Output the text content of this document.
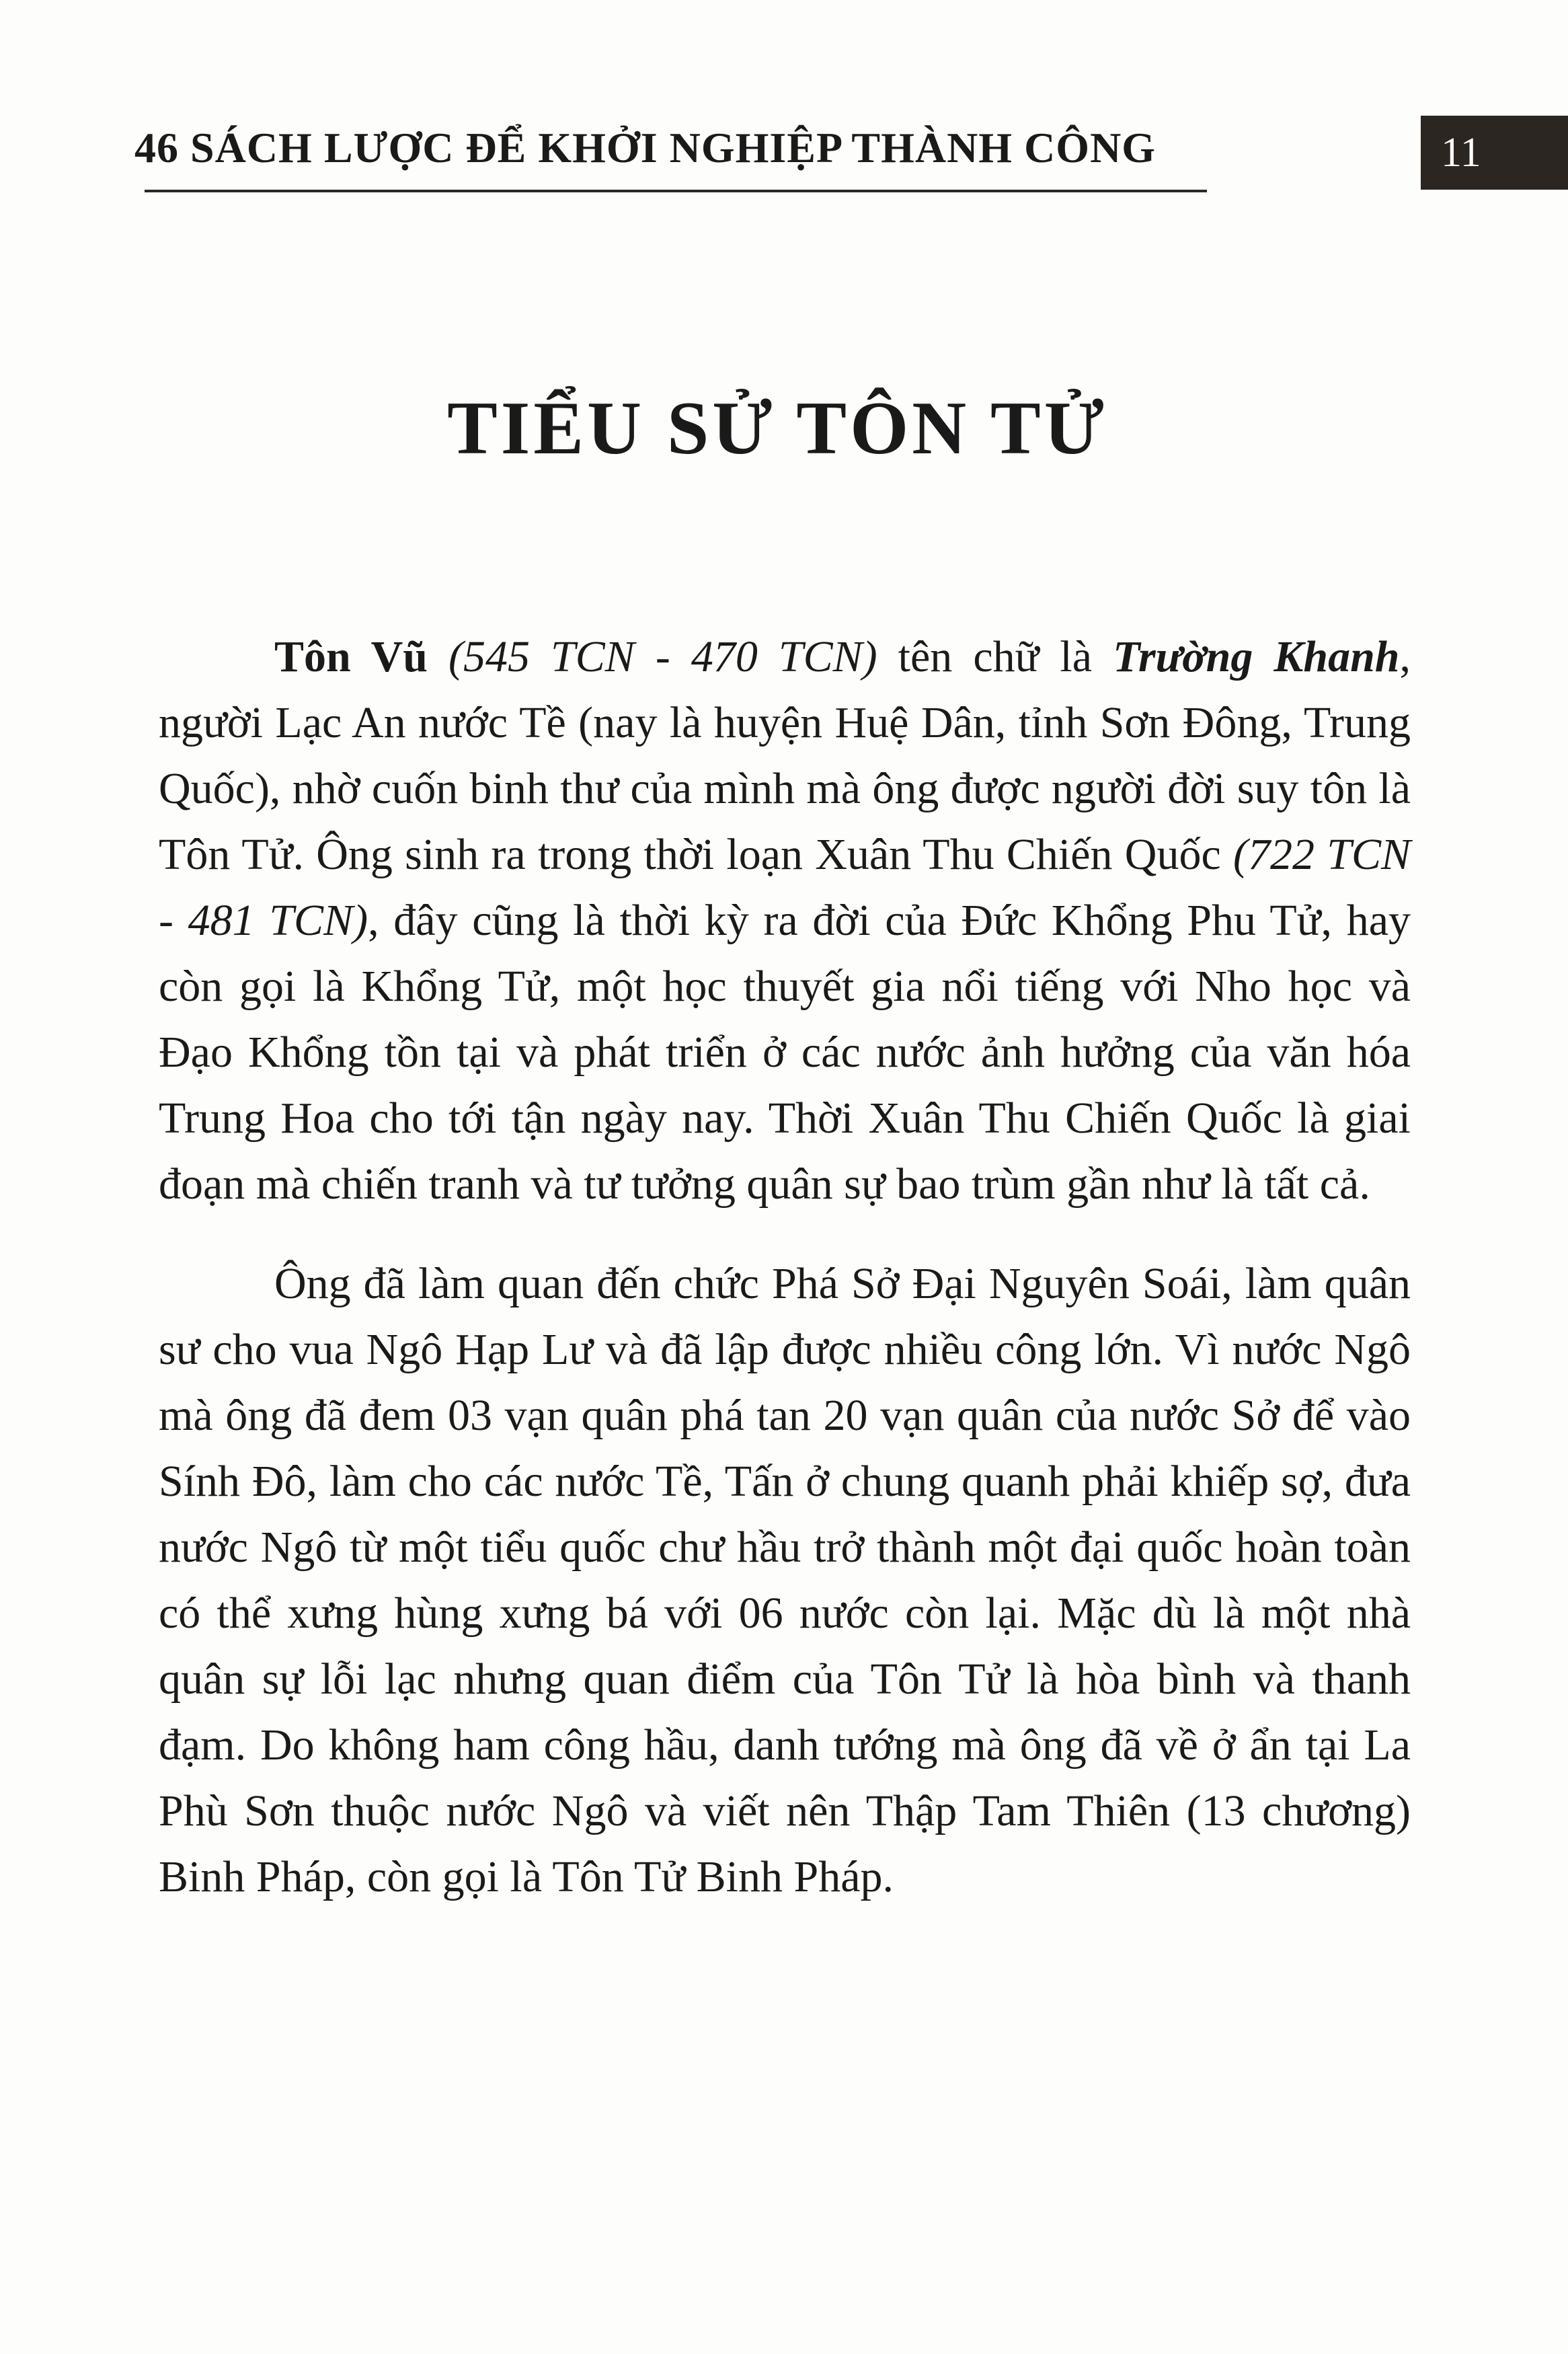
46 SÁCH LƯỢC ĐỂ KHỞI NGHIỆP THÀNH CÔNG	11
TIỂU SỬ TÔN TỬ

Tôn Vũ (545 TCN - 470 TCN) tên chữ là Trường Khanh, người Lạc An nước Tề (nay là huyện Huệ Dân, tỉnh Sơn Đông, Trung Quốc), nhờ cuốn binh thư của mình mà ông được người đời suy tôn là Tôn Tử. Ông sinh ra trong thời loạn Xuân Thu Chiến Quốc (722 TCN - 481 TCN), đây cũng là thời kỳ ra đời của Đức Khổng Phu Tử, hay còn gọi là Khổng Tử, một học thuyết gia nổi tiếng với Nho học và Đạo Khổng tồn tại và phát triển ở các nước ảnh hưởng của văn hóa Trung Hoa cho tới tận ngày nay. Thời Xuân Thu Chiến Quốc là giai đoạn mà chiến tranh và tư tưởng quân sự bao trùm gần như là tất cả.

Ông đã làm quan đến chức Phá Sở Đại Nguyên Soái, làm quân sư cho vua Ngô Hạp Lư và đã lập được nhiều công lớn. Vì nước Ngô mà ông đã đem 03 vạn quân phá tan 20 vạn quân của nước Sở để vào Sính Đô, làm cho các nước Tề, Tấn ở chung quanh phải khiếp sợ, đưa nước Ngô từ một tiểu quốc chư hầu trở thành một đại quốc hoàn toàn có thể xưng hùng xưng bá với 06 nước còn lại. Mặc dù là một nhà quân sự lỗi lạc nhưng quan điểm của Tôn Tử là hòa bình và thanh đạm. Do không ham công hầu, danh tướng mà ông đã về ở ẩn tại La Phù Sơn thuộc nước Ngô và viết nên Thập Tam Thiên (13 chương) Binh Pháp, còn gọi là Tôn Tử Binh Pháp.
